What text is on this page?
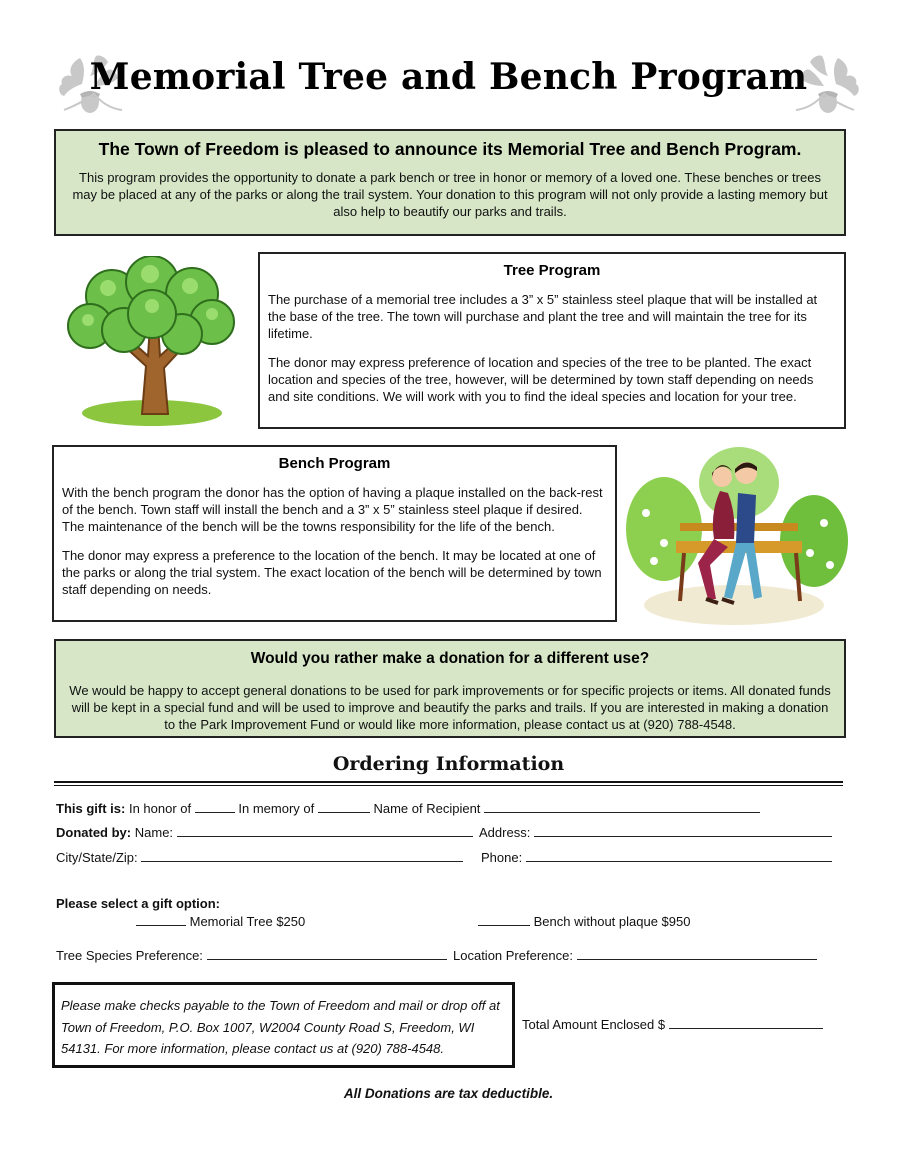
Memorial Tree and Bench Program
The Town of Freedom is pleased to announce its Memorial Tree and Bench Program.

This program provides the opportunity to donate a park bench or tree in honor or memory of a loved one. These benches or trees may be placed at any of the parks or along the trail system. Your donation to this program will not only provide a lasting memory but also help to beautify our parks and trails.

Tree Program

The purchase of a memorial tree includes a 3” x 5” stainless steel plaque that will be installed at the base of the tree. The town will purchase and plant the tree and will maintain the tree for its lifetime.

The donor may express preference of location and species of the tree to be planted. The exact location and species of the tree, however, will be determined by town staff depending on needs and site conditions. We will work with you to find the ideal species and location for your tree.

Bench Program

With the bench program the donor has the option of having a plaque installed on the back-rest of the bench. Town staff will install the bench and a 3” x 5” stainless steel plaque if desired. The maintenance of the bench will be the towns responsibility for the life of the bench.

The donor may express a preference to the location of the bench. It may be located at one of the parks or along the trial system. The exact location of the bench will be determined by town staff depending on needs.

Would you rather make a donation for a different use?

We would be happy to accept general donations to be used for park improvements or for specific projects or items. All donated funds will be kept in a special fund and will be used to improve and beautify the parks and trails. If you are interested in making a donation to the Park Improvement Fund or would like more information, please contact us at (920) 788-4548.

Ordering Information
This gift is: In honor of	In memory of	Name of Recipient
Donated by: Name:	Address:
City/State/Zip:	Phone:
Please select a gift option:
Memorial Tree $250	Bench without plaque $950
Tree Species Preference:	Location Preference:

Please make checks payable to the Town of Freedom and mail or drop off at Town of Freedom, P.O. Box 1007, W2004 County Road S, Freedom, WI 54131. For more information, please contact us at (920) 788-4548.

Total Amount Enclosed $
All Donations are tax deductible.
